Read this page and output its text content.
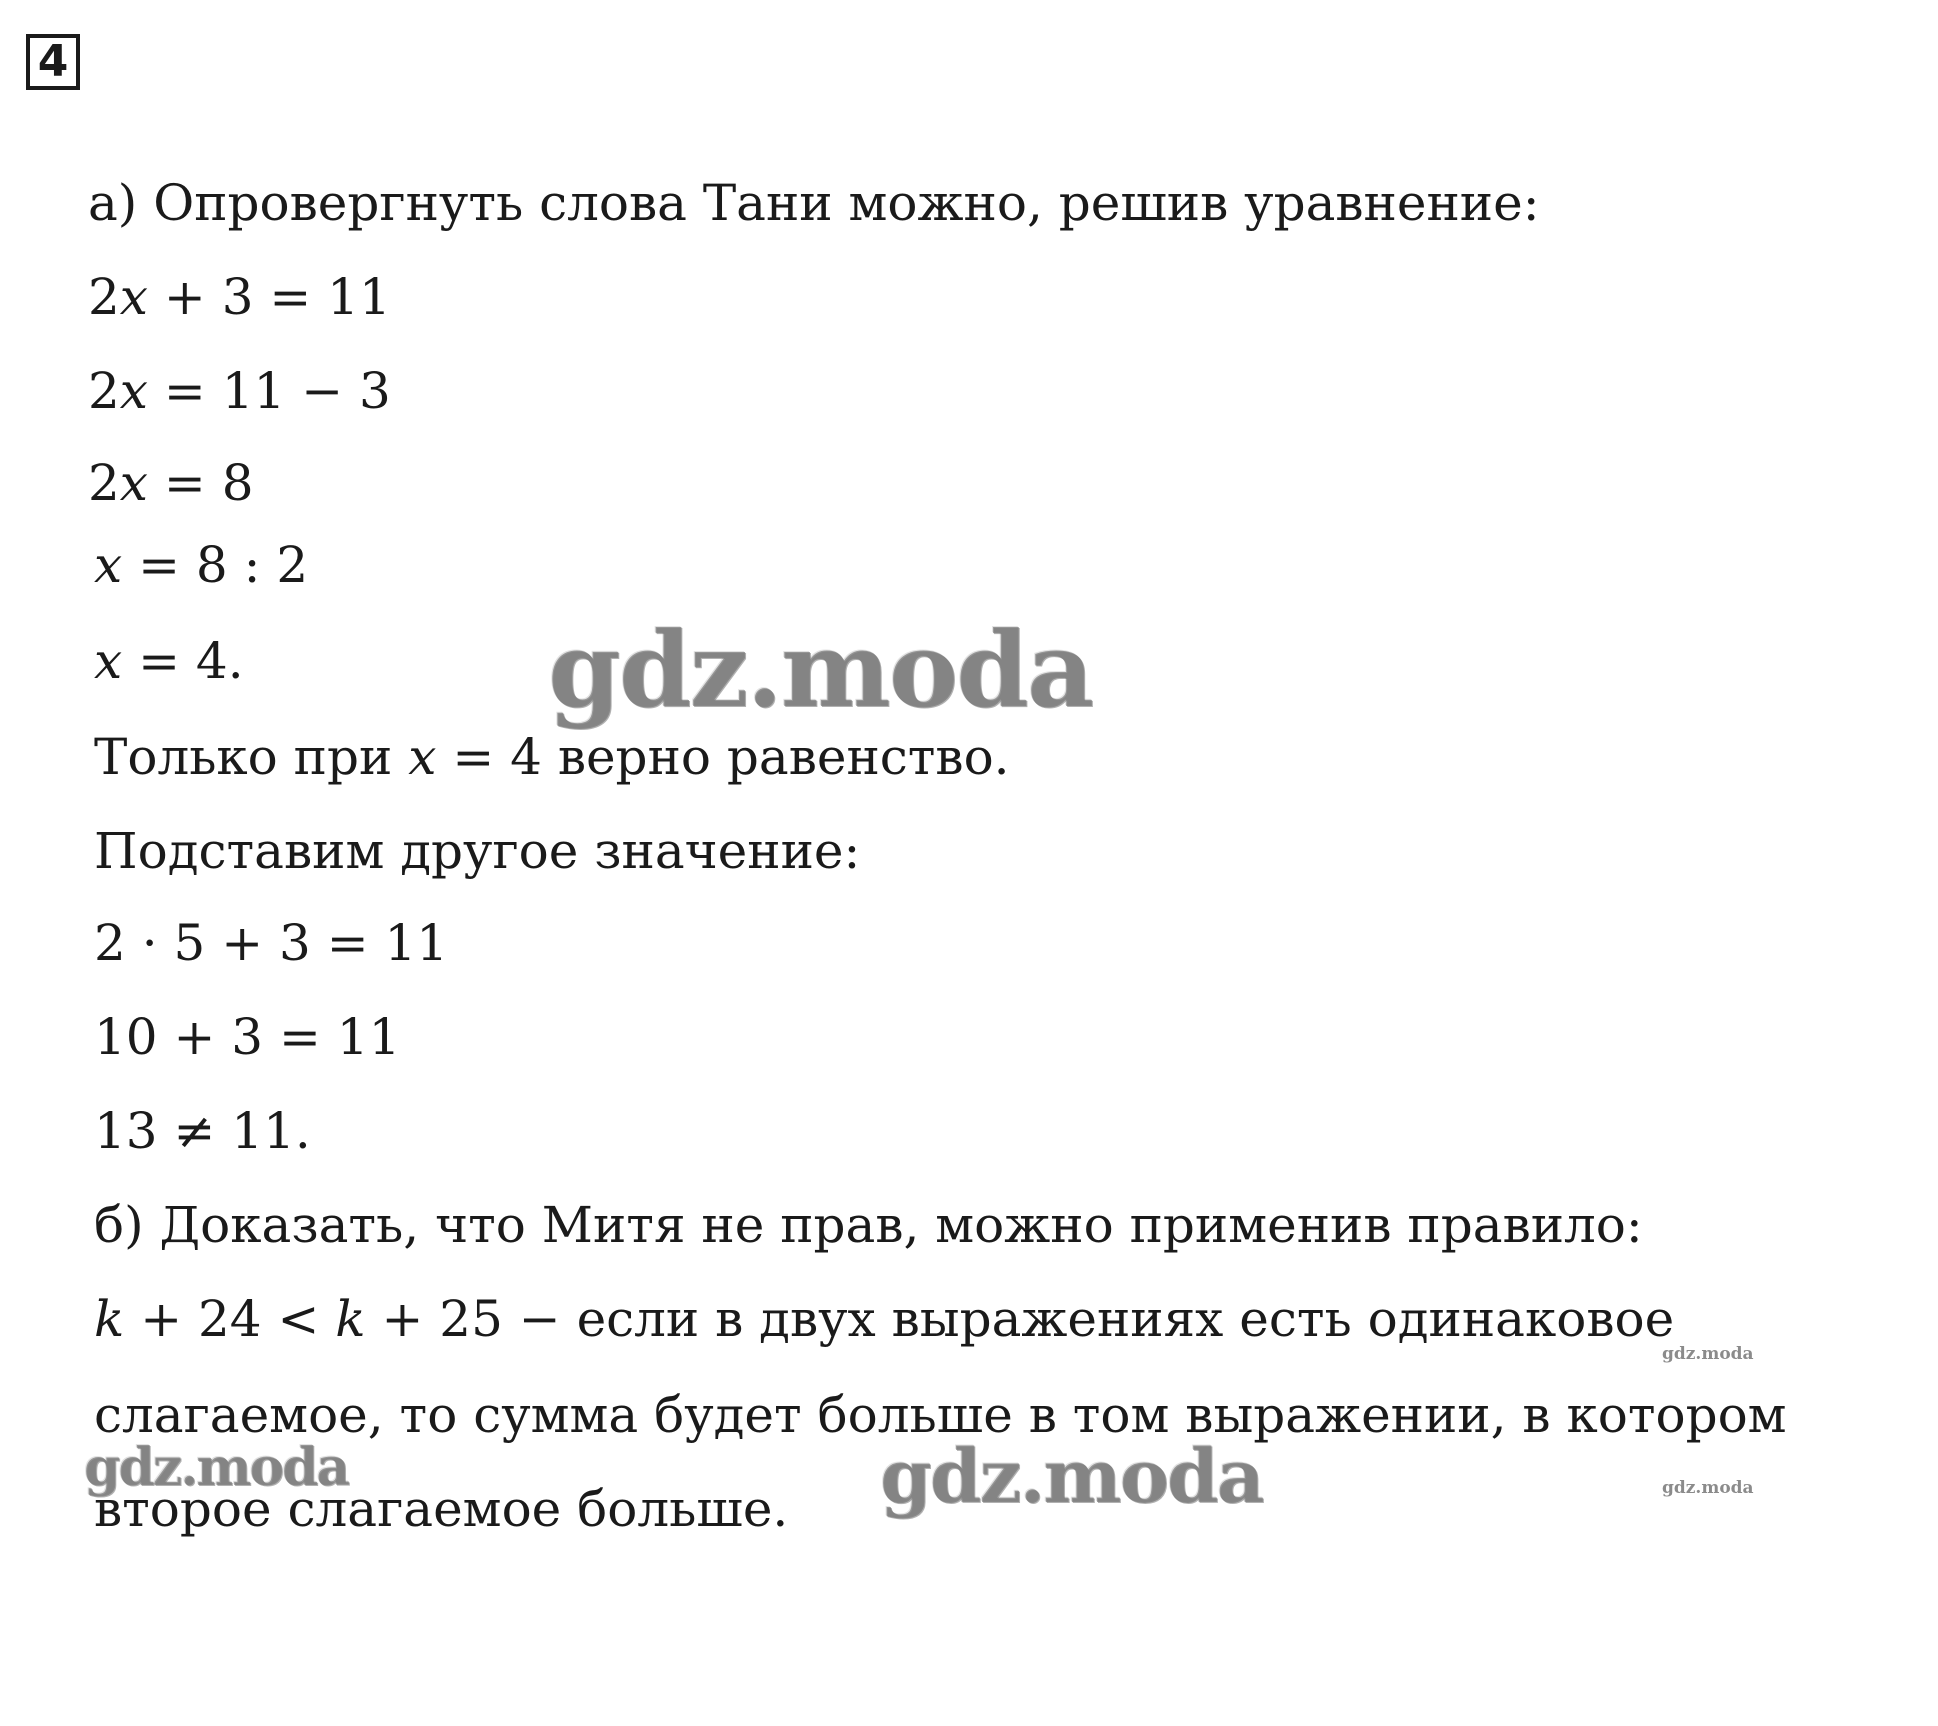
4
а) Опровергнуть слова Тани можно, решив уравнение:
2𝑥 + 3 = 11
2𝑥 = 11 − 3
2𝑥 = 8
𝑥 = 8 : 2
𝑥 = 4.
Только при 𝑥 = 4 верно равенство.
Подставим другое значение:
2 · 5 + 3 = 11
10 + 3 = 11
13 ≠ 11.
б) Доказать, что Митя не прав, можно применив правило:
𝑘 + 24 < 𝑘 + 25 − если в двух выражениях есть одинаковое
слагаемое, то сумма будет больше в том выражении, в котором
второе слагаемое больше.
gdz.moda
gdz.moda	gdz.moda
gdz.moda
gdz.moda
